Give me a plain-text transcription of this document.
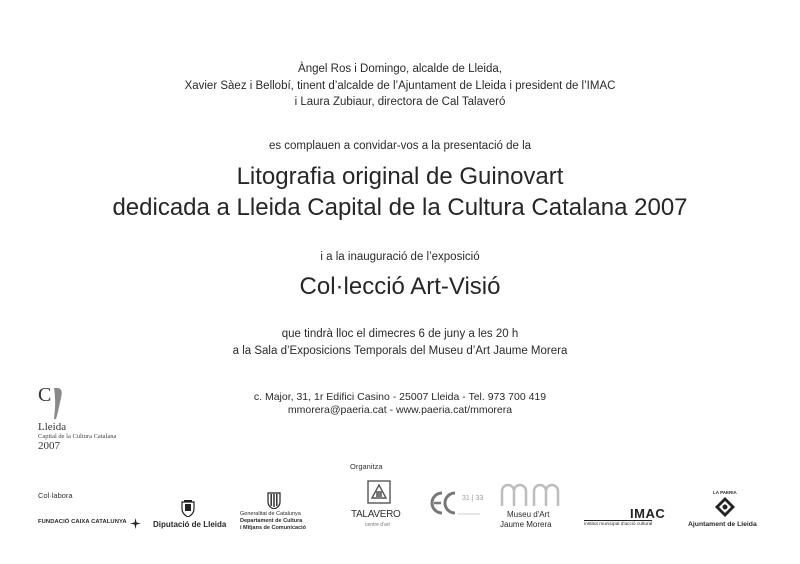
Àngel Ros i Domingo, alcalde de Lleida,
Xavier Sàez i Bellobí, tinent d’alcalde de l’Ajuntament de Lleida i president de l’IMAC
i Laura Zubiaur, directora de Cal Talaveró
es complauen a convidar-vos a la presentació de la
Litografia original de Guinovart
dedicada a Lleida Capital de la Cultura Catalana 2007
i a la inauguració de l’exposició
Col·lecció Art-Visió
que tindrà lloc el dimecres 6 de juny a les 20 h
a la Sala d’Exposicions Temporals del Museu d’Art Jaume Morera
c. Major, 31, 1r Edifici Casino - 25007 Lleida - Tel. 973 700 419
mmorera@paeria.cat - www.paeria.cat/mmorera
C
Lleida
Capital de la Cultura Catalana
2007
Organitza
Col·labora
FUNDACIÓ CAIXA CATALUNYA	Diputació de Lleida
Generalitat de Catalunya
Departament de Cultura
i Mitjans de Comunicació
TALAVERO
centre d'art
31 | 33
Museu d'Art
Jaume Morera
IMAC
institut municipal d'acció cultural
LA PAERIA
Ajuntament de Lleida
